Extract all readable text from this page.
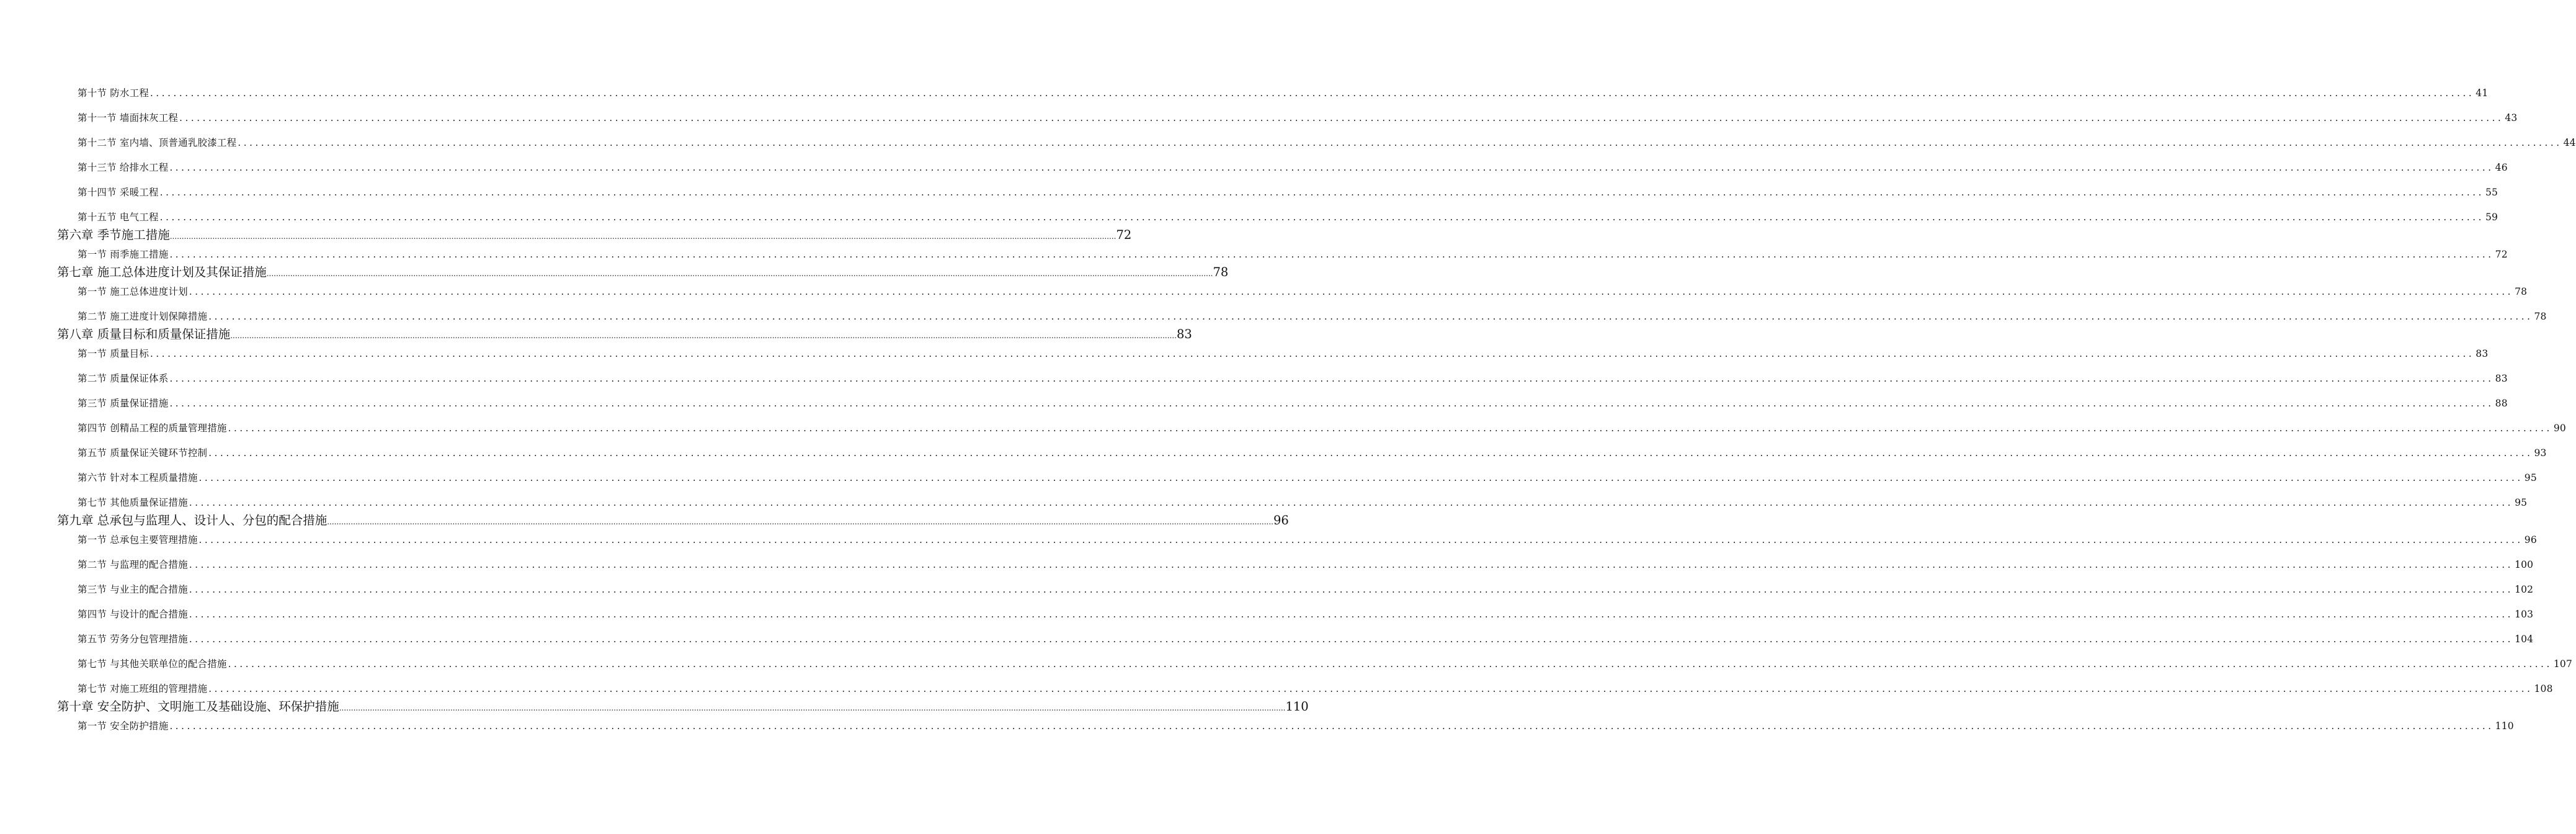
第十节 防水工程 ................................................................................................................................................................................................................................................................................................................................................................................................................ 41
第十一节 墙面抹灰工程 ................................................................................................................................................................................................................................................................................................................................................................................................................ 43
第十二节 室内墙、顶普通乳胶漆工程 ................................................................................................................................................................................................................................................................................................................................................................................................................ 44
第十三节 给排水工程 ................................................................................................................................................................................................................................................................................................................................................................................................................ 46
第十四节 采暖工程 ................................................................................................................................................................................................................................................................................................................................................................................................................ 55
第十五节 电气工程 ................................................................................................................................................................................................................................................................................................................................................................................................................ 59
第六章 季节施工措施 ................................................................................................................................................................................................................................................................................................................................................................................................................ 72
第一节 雨季施工措施 ................................................................................................................................................................................................................................................................................................................................................................................................................ 72
第七章 施工总体进度计划及其保证措施 ................................................................................................................................................................................................................................................................................................................................................................................................................ 78
第一节 施工总体进度计划 ................................................................................................................................................................................................................................................................................................................................................................................................................ 78
第二节 施工进度计划保障措施 ................................................................................................................................................................................................................................................................................................................................................................................................................ 78
第八章 质量目标和质量保证措施 ................................................................................................................................................................................................................................................................................................................................................................................................................ 83
第一节 质量目标 ................................................................................................................................................................................................................................................................................................................................................................................................................ 83
第二节 质量保证体系 ................................................................................................................................................................................................................................................................................................................................................................................................................ 83
第三节 质量保证措施 ................................................................................................................................................................................................................................................................................................................................................................................................................ 88
第四节 创精品工程的质量管理措施 ................................................................................................................................................................................................................................................................................................................................................................................................................ 90
第五节 质量保证关键环节控制 ................................................................................................................................................................................................................................................................................................................................................................................................................ 93
第六节 针对本工程质量措施 ................................................................................................................................................................................................................................................................................................................................................................................................................ 95
第七节 其他质量保证措施 ................................................................................................................................................................................................................................................................................................................................................................................................................ 95
第九章 总承包与监理人、设计人、分包的配合措施 ................................................................................................................................................................................................................................................................................................................................................................................................................ 96
第一节 总承包主要管理措施 ................................................................................................................................................................................................................................................................................................................................................................................................................ 96
第二节 与监理的配合措施 ................................................................................................................................................................................................................................................................................................................................................................................................................ 100
第三节 与业主的配合措施 ................................................................................................................................................................................................................................................................................................................................................................................................................ 102
第四节 与设计的配合措施 ................................................................................................................................................................................................................................................................................................................................................................................................................ 103
第五节 劳务分包管理措施 ................................................................................................................................................................................................................................................................................................................................................................................................................ 104
第七节 与其他关联单位的配合措施 ................................................................................................................................................................................................................................................................................................................................................................................................................ 107
第七节 对施工班组的管理措施 ................................................................................................................................................................................................................................................................................................................................................................................................................ 108
第十章 安全防护、文明施工及基础设施、环保护措施 ................................................................................................................................................................................................................................................................................................................................................................................................................ 110
第一节 安全防护措施 ................................................................................................................................................................................................................................................................................................................................................................................................................ 110
